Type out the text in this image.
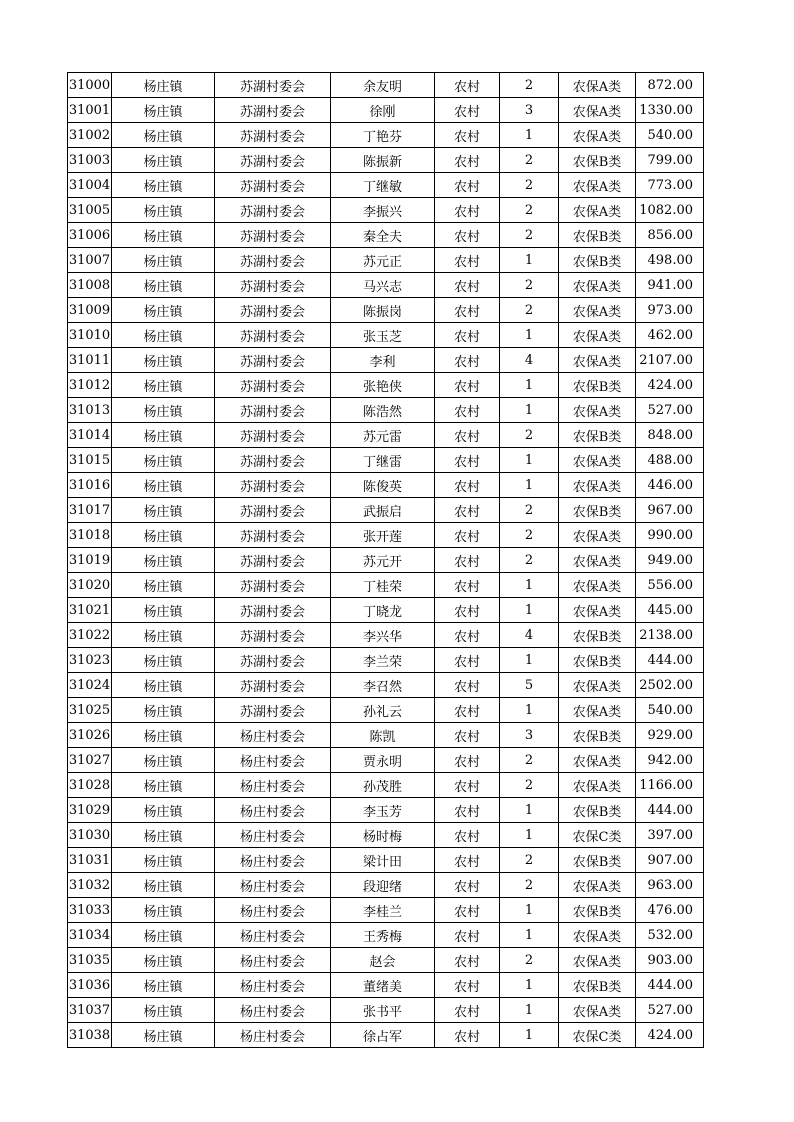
31000	杨庄镇	苏湖村委会	余友明	农村	2	农保A类	872.00
31001	杨庄镇	苏湖村委会	徐刚	农村	3	农保A类	1330.00
31002	杨庄镇	苏湖村委会	丁艳芬	农村	1	农保A类	540.00
31003	杨庄镇	苏湖村委会	陈振新	农村	2	农保B类	799.00
31004	杨庄镇	苏湖村委会	丁继敏	农村	2	农保A类	773.00
31005	杨庄镇	苏湖村委会	李振兴	农村	2	农保A类	1082.00
31006	杨庄镇	苏湖村委会	秦全夫	农村	2	农保B类	856.00
31007	杨庄镇	苏湖村委会	苏元正	农村	1	农保B类	498.00
31008	杨庄镇	苏湖村委会	马兴志	农村	2	农保A类	941.00
31009	杨庄镇	苏湖村委会	陈振岗	农村	2	农保A类	973.00
31010	杨庄镇	苏湖村委会	张玉芝	农村	1	农保A类	462.00
31011	杨庄镇	苏湖村委会	李利	农村	4	农保A类	2107.00
31012	杨庄镇	苏湖村委会	张艳侠	农村	1	农保B类	424.00
31013	杨庄镇	苏湖村委会	陈浩然	农村	1	农保A类	527.00
31014	杨庄镇	苏湖村委会	苏元雷	农村	2	农保B类	848.00
31015	杨庄镇	苏湖村委会	丁继雷	农村	1	农保A类	488.00
31016	杨庄镇	苏湖村委会	陈俊英	农村	1	农保A类	446.00
31017	杨庄镇	苏湖村委会	武振启	农村	2	农保B类	967.00
31018	杨庄镇	苏湖村委会	张开莲	农村	2	农保A类	990.00
31019	杨庄镇	苏湖村委会	苏元开	农村	2	农保A类	949.00
31020	杨庄镇	苏湖村委会	丁桂荣	农村	1	农保A类	556.00
31021	杨庄镇	苏湖村委会	丁晓龙	农村	1	农保A类	445.00
31022	杨庄镇	苏湖村委会	李兴华	农村	4	农保B类	2138.00
31023	杨庄镇	苏湖村委会	李兰荣	农村	1	农保B类	444.00
31024	杨庄镇	苏湖村委会	李召然	农村	5	农保A类	2502.00
31025	杨庄镇	苏湖村委会	孙礼云	农村	1	农保A类	540.00
31026	杨庄镇	杨庄村委会	陈凯	农村	3	农保B类	929.00
31027	杨庄镇	杨庄村委会	贾永明	农村	2	农保A类	942.00
31028	杨庄镇	杨庄村委会	孙茂胜	农村	2	农保A类	1166.00
31029	杨庄镇	杨庄村委会	李玉芳	农村	1	农保B类	444.00
31030	杨庄镇	杨庄村委会	杨时梅	农村	1	农保C类	397.00
31031	杨庄镇	杨庄村委会	梁计田	农村	2	农保B类	907.00
31032	杨庄镇	杨庄村委会	段迎绪	农村	2	农保A类	963.00
31033	杨庄镇	杨庄村委会	李桂兰	农村	1	农保B类	476.00
31034	杨庄镇	杨庄村委会	王秀梅	农村	1	农保A类	532.00
31035	杨庄镇	杨庄村委会	赵会	农村	2	农保A类	903.00
31036	杨庄镇	杨庄村委会	董绪美	农村	1	农保B类	444.00
31037	杨庄镇	杨庄村委会	张书平	农村	1	农保A类	527.00
31038	杨庄镇	杨庄村委会	徐占军	农村	1	农保C类	424.00
